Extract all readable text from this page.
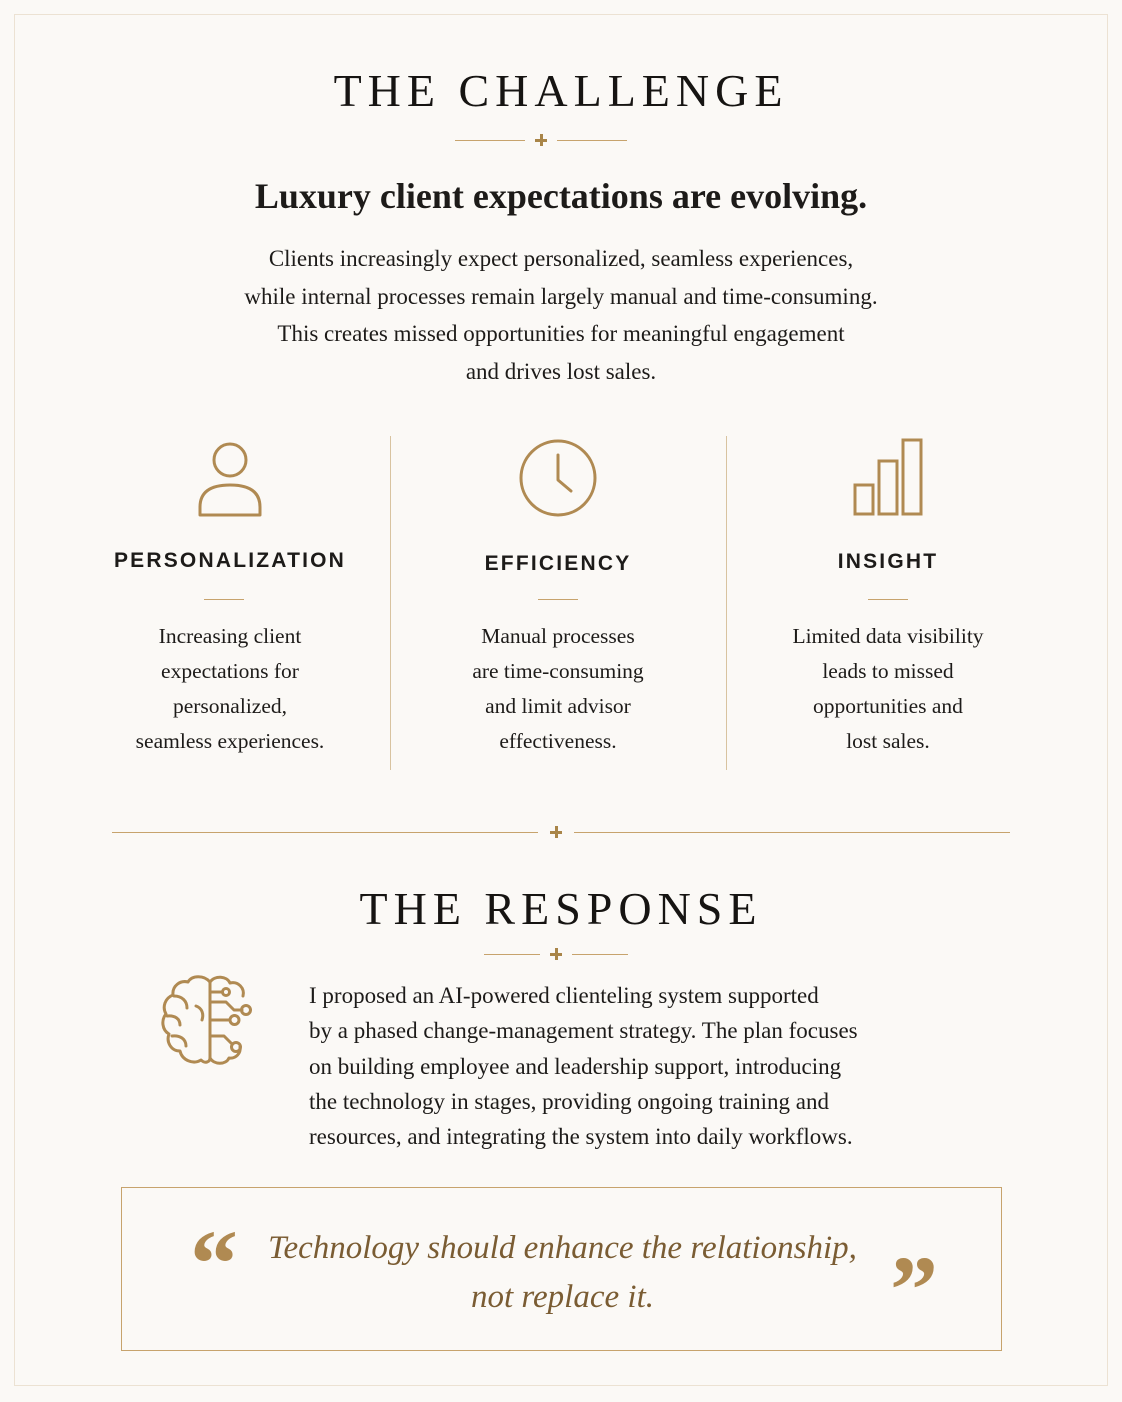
THE CHALLENGE
Luxury client expectations are evolving.
Clients increasingly expect personalized, seamless experiences,
while internal processes remain largely manual and time-consuming.
This creates missed opportunities for meaningful engagement
and drives lost sales.
PERSONALIZATION
Increasing client
expectations for
personalized,
seamless experiences.
EFFICIENCY
Manual processes
are time-consuming
and limit advisor
effectiveness.
INSIGHT
Limited data visibility
leads to missed
opportunities and
lost sales.
THE RESPONSE
I proposed an AI-powered clienteling system supported
by a phased change-management strategy. The plan focuses
on building employee and leadership support, introducing
the technology in stages, providing ongoing training and
resources, and integrating the system into daily workflows.
“ Technology should enhance the relationship,
not replace it.	”
